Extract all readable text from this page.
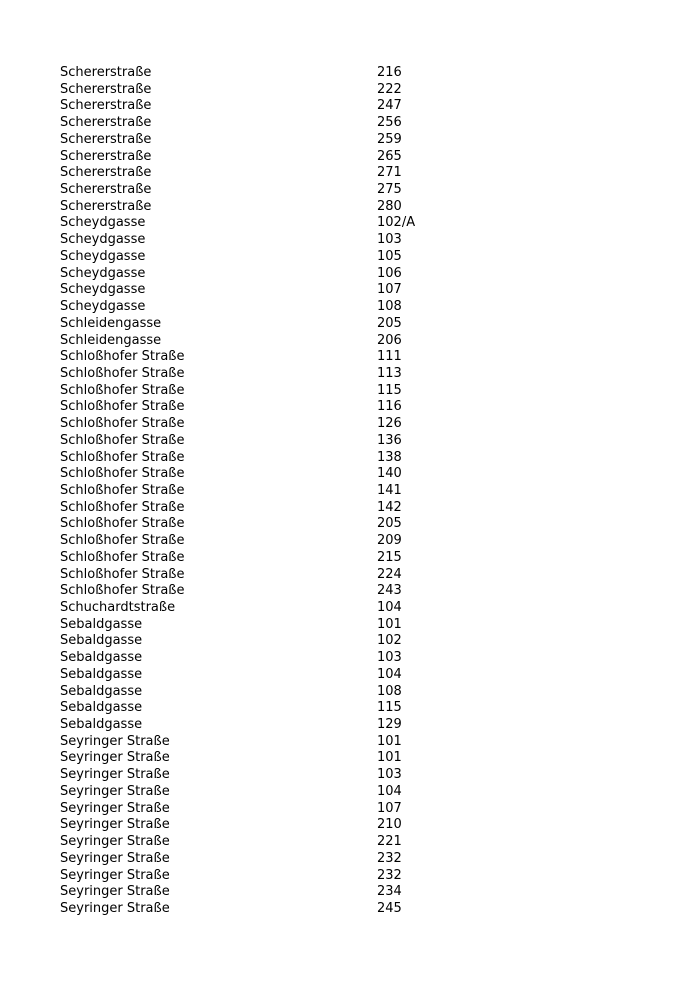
Schererstraße	216
Schererstraße	222
Schererstraße	247
Schererstraße	256
Schererstraße	259
Schererstraße	265
Schererstraße	271
Schererstraße	275
Schererstraße	280
Scheydgasse	102/A
Scheydgasse	103
Scheydgasse	105
Scheydgasse	106
Scheydgasse	107
Scheydgasse	108
Schleidengasse	205
Schleidengasse	206
Schloßhofer Straße	111
Schloßhofer Straße	113
Schloßhofer Straße	115
Schloßhofer Straße	116
Schloßhofer Straße	126
Schloßhofer Straße	136
Schloßhofer Straße	138
Schloßhofer Straße	140
Schloßhofer Straße	141
Schloßhofer Straße	142
Schloßhofer Straße	205
Schloßhofer Straße	209
Schloßhofer Straße	215
Schloßhofer Straße	224
Schloßhofer Straße	243
Schuchardtstraße	104
Sebaldgasse	101
Sebaldgasse	102
Sebaldgasse	103
Sebaldgasse	104
Sebaldgasse	108
Sebaldgasse	115
Sebaldgasse	129
Seyringer Straße	101
Seyringer Straße	101
Seyringer Straße	103
Seyringer Straße	104
Seyringer Straße	107
Seyringer Straße	210
Seyringer Straße	221
Seyringer Straße	232
Seyringer Straße	232
Seyringer Straße	234
Seyringer Straße	245
